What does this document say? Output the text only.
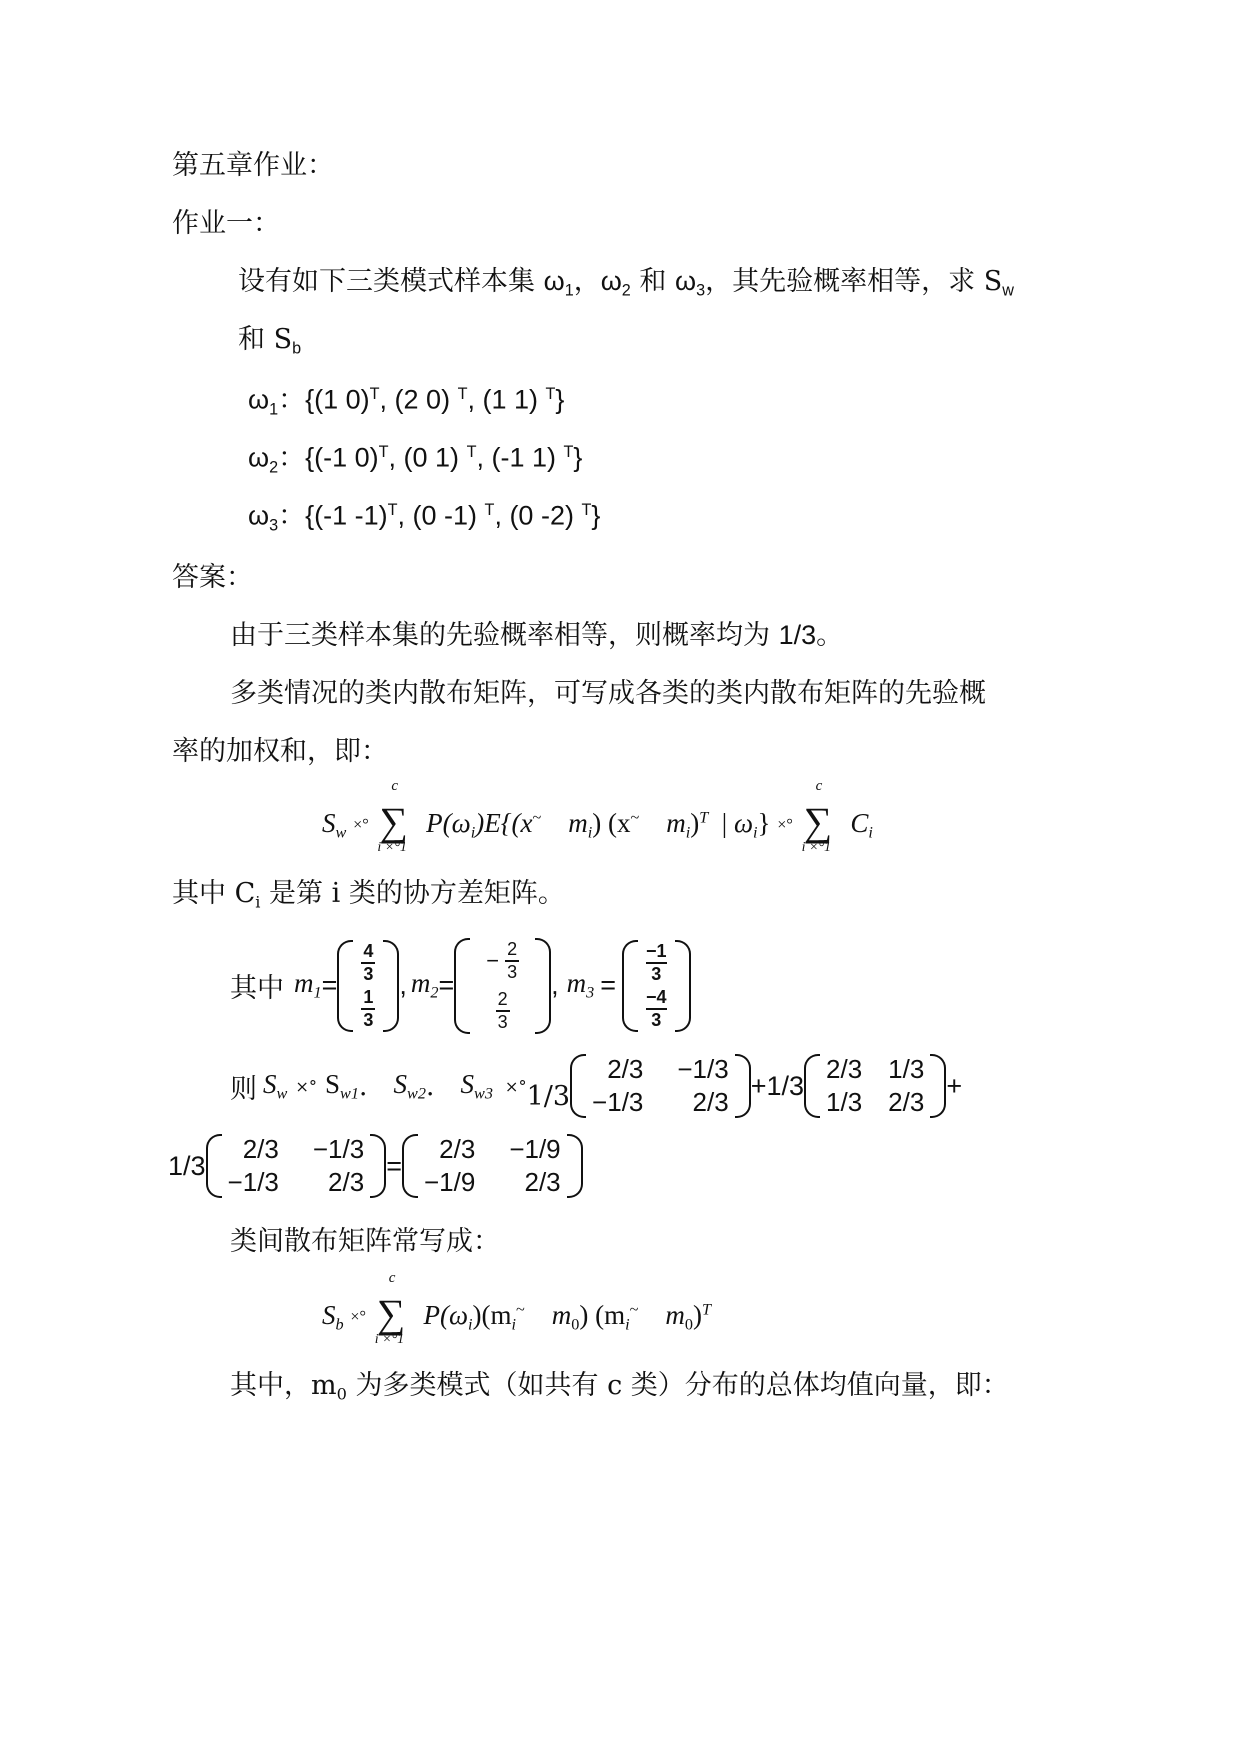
第五章作业：
作业一：
设有如下三类模式样本集 $\omega_1$，$\omega_2$ 和 $\omega_3$，其先验概率相等，求 $S_w$
和 $S_b$
$\omega_1$：{(1 0)$^T$, (2 0) $^T$, (1 1) $^T$}
$\omega_2$：{(-1 0)$^T$, (0 1) $^T$, (-1 1) $^T$}
$\omega_3$：{(-1 -1)$^T$, (0 -1) $^T$, (0 -2) $^T$}
答案：
由于三类样本集的先验概率相等，则概率均为 1/3。
多类情况的类内散布矩阵，可写成各类的类内散布矩阵的先验概
率的加权和，即：
$S_w$ ×° ∑
c
i ×°1
$P(\omega_i)E\{(x^\sim$ $m_i$) (x~ $m_i)^T$ | $\omega_i$} ×° ∑
c
i ×°1
$C_i$
其中 $C_i$ 是第 i 类的协方差矩阵。
其中 $m_1$ =
$\frac{4}{3}$
$\frac{1}{3}$
, $m_2$ =
− $\frac{2}{3}$
$\frac{2}{3}$
, $m_3$ =
$\frac{-1}{3}$
$\frac{-4}{3}$
则 $S_w$ ×° $S_{w1}$ . $S_{w2}$ . $S_{w3}$ ×° 1/3
2/3 −1/3
−1/3	2/3
+1/3
2/3 1/3
1/3 2/3
+
1/3
2/3 −1/3
−1/3	2/3
=
2/3 −1/9
−1/9	2/3
类间散布矩阵常写成：
$S_b$ ×° ∑
c
i ×°1
$P(\omega_i)(m_i^\sim$ $m_0$) ($m_i^\sim$ $m_0)^T$
其中，$m_0$ 为多类模式（如共有 c 类）分布的总体均值向量，即：
